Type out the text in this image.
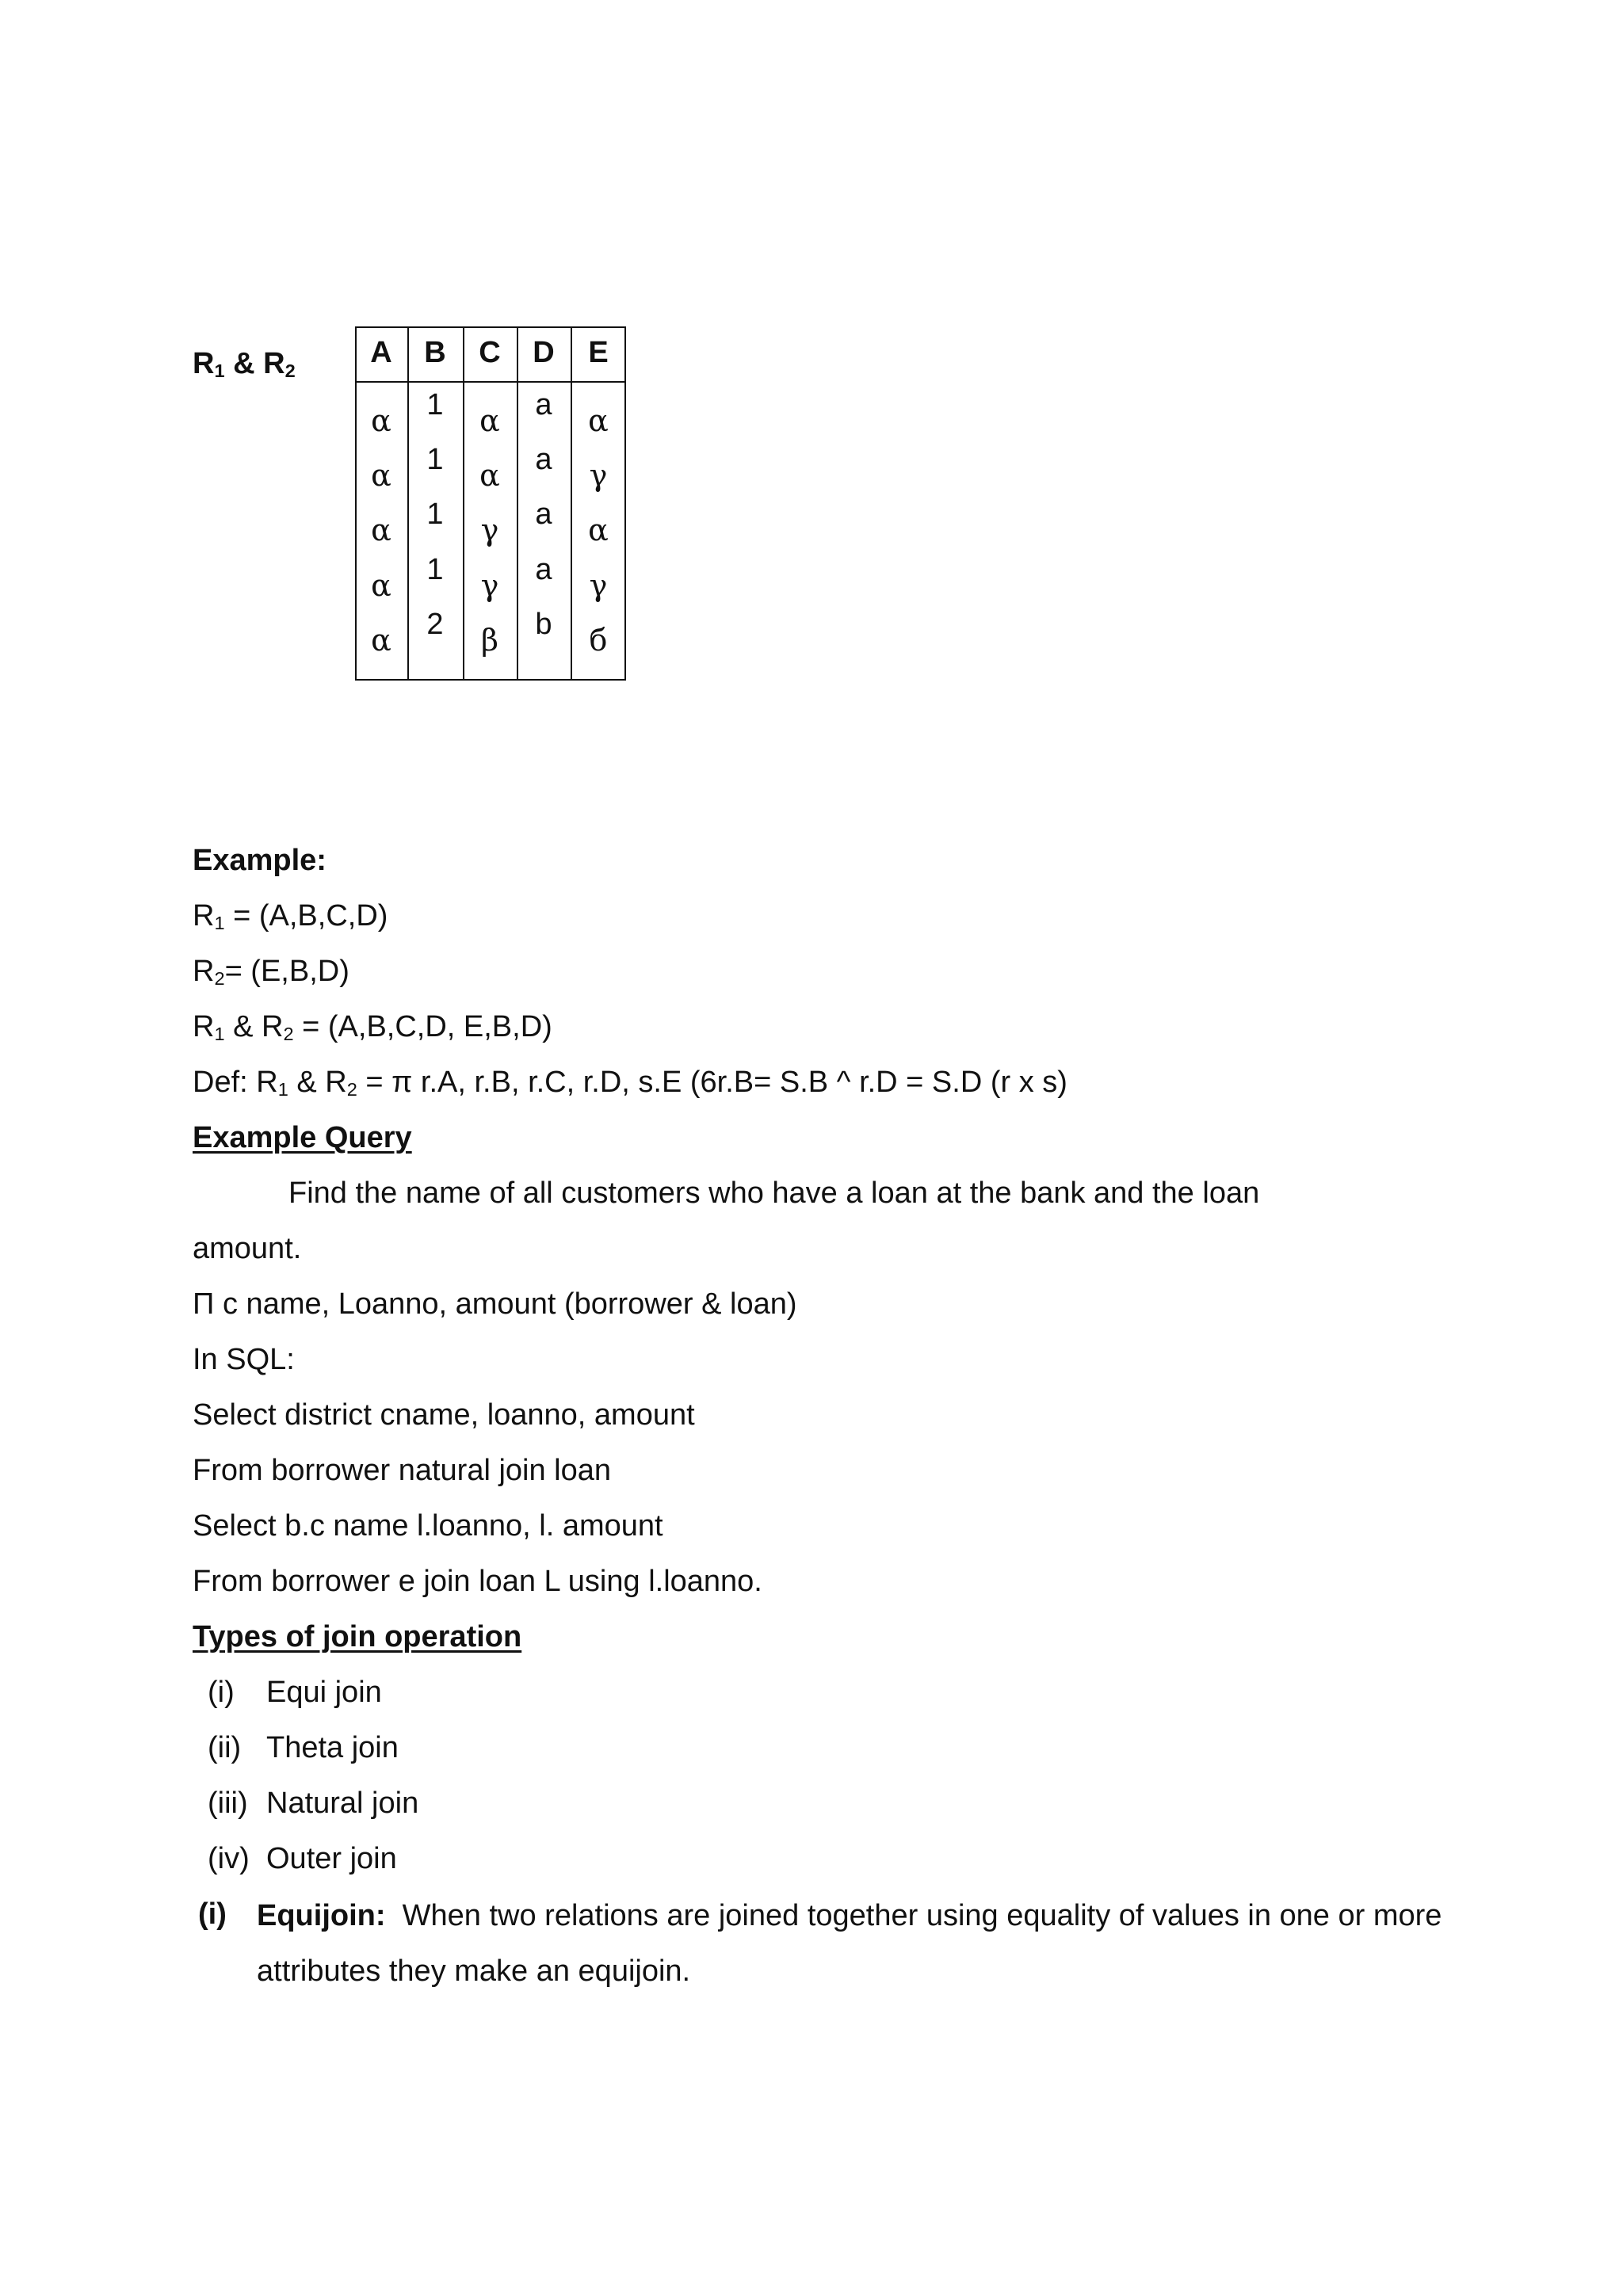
$R_1$ & $R_2$
A	B	C	D	E
α	1	α	a	α
α	1	α	a	γ
α	1	γ	a	α
α	1	γ	a	γ
α	2	β	b	б
Example:
$R_1 = (A,B,C,D)$
$R_2= (E,B,D)$
$R_1$ & $R_2 = (A,B,C,D$, E,B,D)
Def: $R_1$ & $R_2 = \pi$ r.A, r.B, r.C, r.D, s.E (6r.B= S.B ^ r.D = S.D (r x s)
Example Query
Find the name of all customers who have a loan at the bank and the loan
amount.
Π c name, Loanno, amount (borrower & loan)
In SQL:
Select district cname, loanno, amount
From borrower natural join loan
Select b.c name l.loanno, l. amount
From borrower e join loan L using l.loanno.
Types of join operation
(i) Equi join
(ii) Theta join
(iii) Natural join
(iv) Outer join
(i) Equijoin: When two relations are joined together using equality of values in one or more attributes they make an equijoin.
